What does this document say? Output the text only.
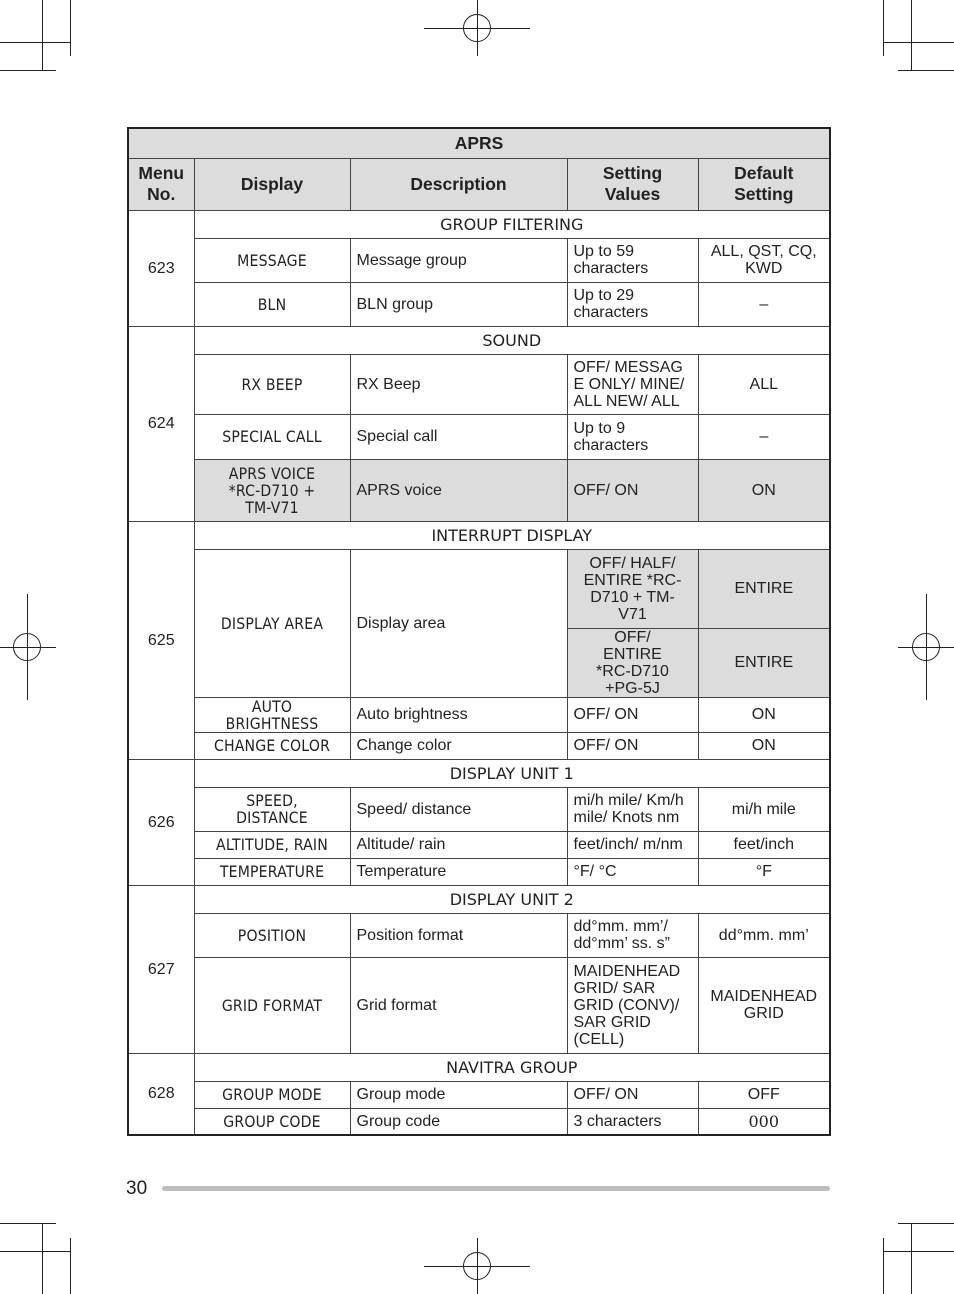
APRS				
Menu No.	Display	Description	Setting Values	Default Setting
623	GROUP FILTERING			
	MESSAGE	Message group	Up to 59 characters	ALL, QST, CQ, KWD
	BLN	BLN group	Up to 29 characters	–
624	SOUND			
	RX BEEP	RX Beep	OFF/ MESSAGE ONLY/ MINE/ ALL NEW/ ALL	ALL
	SPECIAL CALL	Special call	Up to 9 characters	–
	APRS VOICE *RC-D710 + TM-V71	APRS voice	OFF/ ON	ON
625	INTERRUPT DISPLAY			
	DISPLAY AREA	Display area	OFF/ HALF/ ENTIRE *RC-D710 + TM-V71	ENTIRE
			OFF/ ENTIRE *RC-D710 +PG-5J	ENTIRE
	AUTO BRIGHTNESS	Auto brightness	OFF/ ON	ON
	CHANGE COLOR	Change color	OFF/ ON	ON
626	DISPLAY UNIT 1			
	SPEED, DISTANCE	Speed/ distance	mi/h mile/ Km/h mile/ Knots nm	mi/h mile
	ALTITUDE, RAIN	Altitude/ rain	feet/inch/ m/nm	feet/inch
	TEMPERATURE	Temperature	°F/ °C	°F
627	DISPLAY UNIT 2			
	POSITION	Position format	dd°mm. mm’/ dd°mm’ ss. s”	dd°mm. mm’
	GRID FORMAT	Grid format	MAIDENHEAD GRID/ SAR GRID (CONV)/ SAR GRID (CELL)	MAIDENHEAD GRID
628	NAVITRA GROUP			
	GROUP MODE	Group mode	OFF/ ON	OFF
	GROUP CODE	Group code	3 characters	000
30
